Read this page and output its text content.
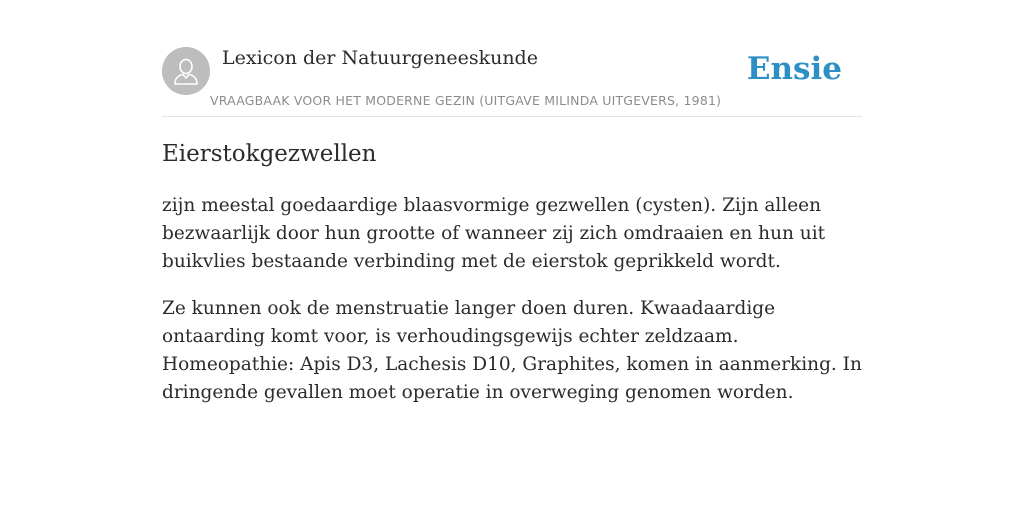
Lexicon der Natuurgeneeskunde
VRAAGBAAK VOOR HET MODERNE GEZIN (UITGAVE MILINDA UITGEVERS, 1981)
Ensie
Eierstokgezwellen

zijn meestal goedaardige blaasvormige gezwellen (cysten). Zijn alleen bezwaarlijk door hun grootte of wanneer zij zich omdraaien en hun uit buikvlies bestaande verbinding met de eierstok geprikkeld wordt.

Ze kunnen ook de menstruatie langer doen duren. Kwaadaardige ontaarding komt voor, is verhoudingsgewijs echter zeldzaam. Homeopathie: Apis D3, Lachesis D10, Graphites, komen in aanmerking. In dringende gevallen moet operatie in overweging genomen worden.
